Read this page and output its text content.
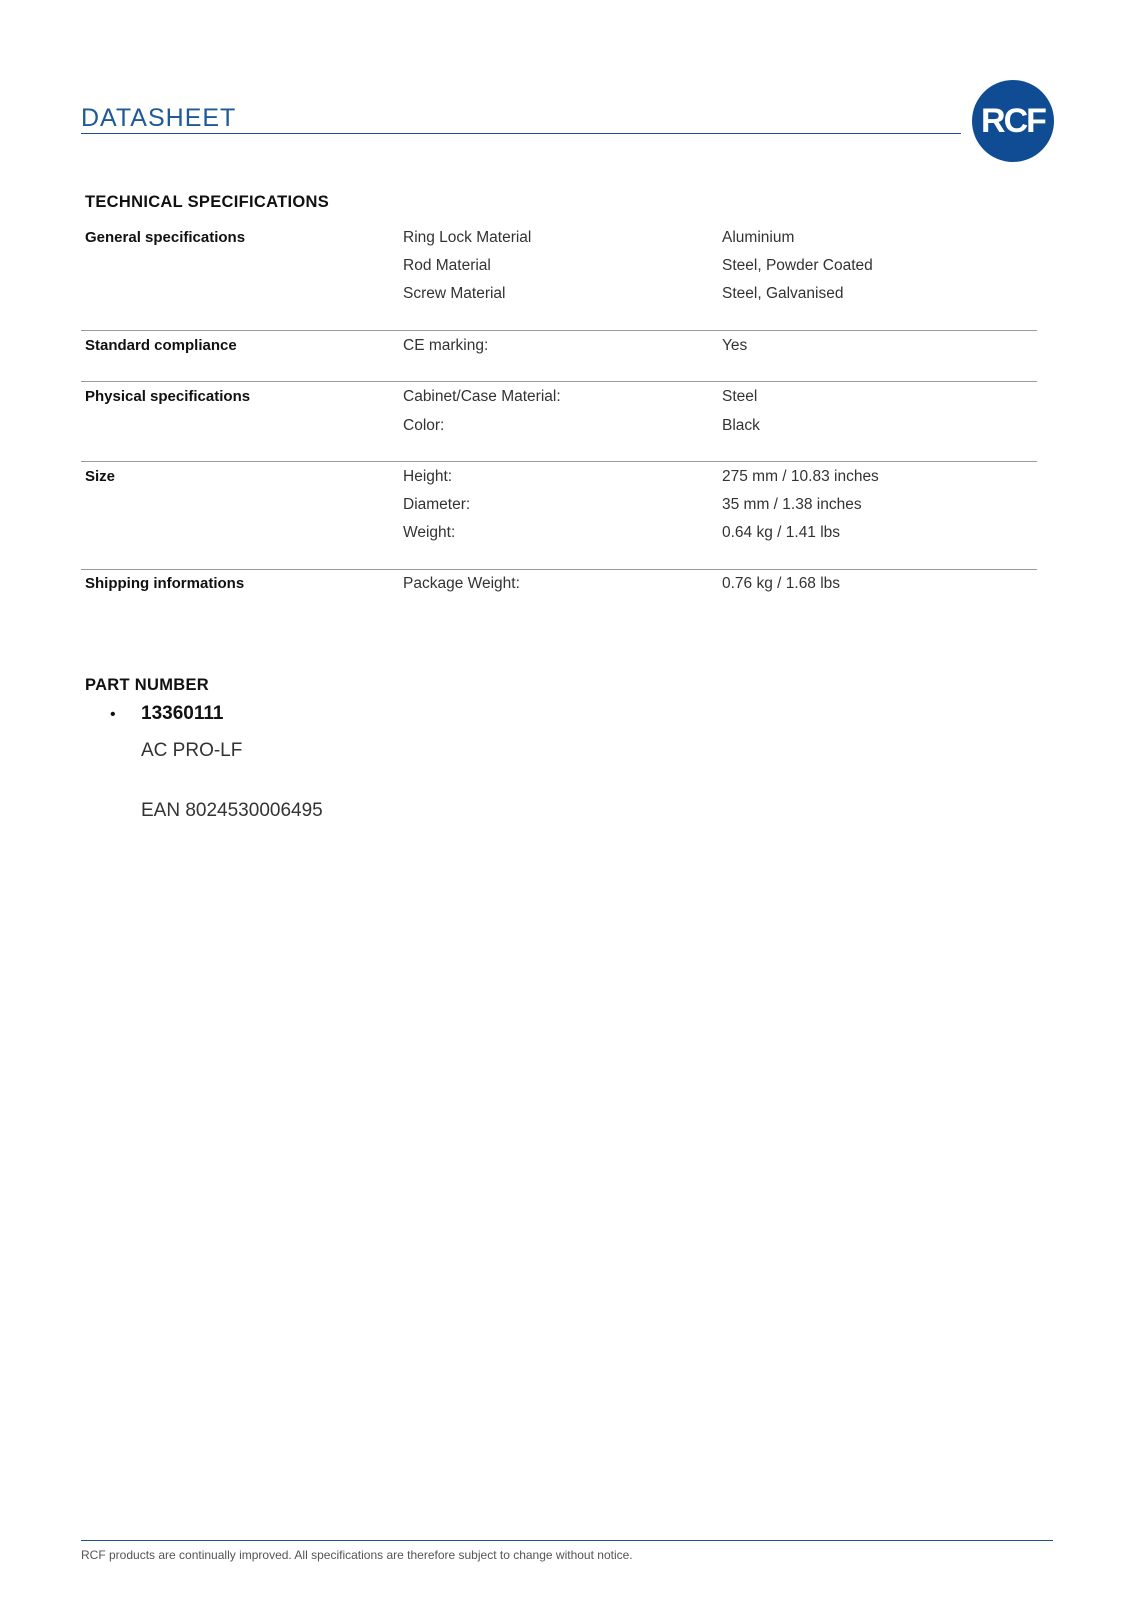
DATASHEET	RCF
TECHNICAL SPECIFICATIONS
General specifications	Ring Lock Material	Aluminium
Rod Material	Steel, Powder Coated
Screw Material	Steel, Galvanised
Standard compliance	CE marking:	Yes
Physical specifications	Cabinet/Case Material:	Steel
Color:	Black
Size	Height:	275 mm / 10.83 inches
Diameter:	35 mm / 1.38 inches
Weight:	0.64 kg / 1.41 lbs
Shipping informations	Package Weight:	0.76 kg / 1.68 lbs
PART NUMBER
• 13360111
AC PRO-LF
EAN 8024530006495
RCF products are continually improved. All specifications are therefore subject to change without notice.
